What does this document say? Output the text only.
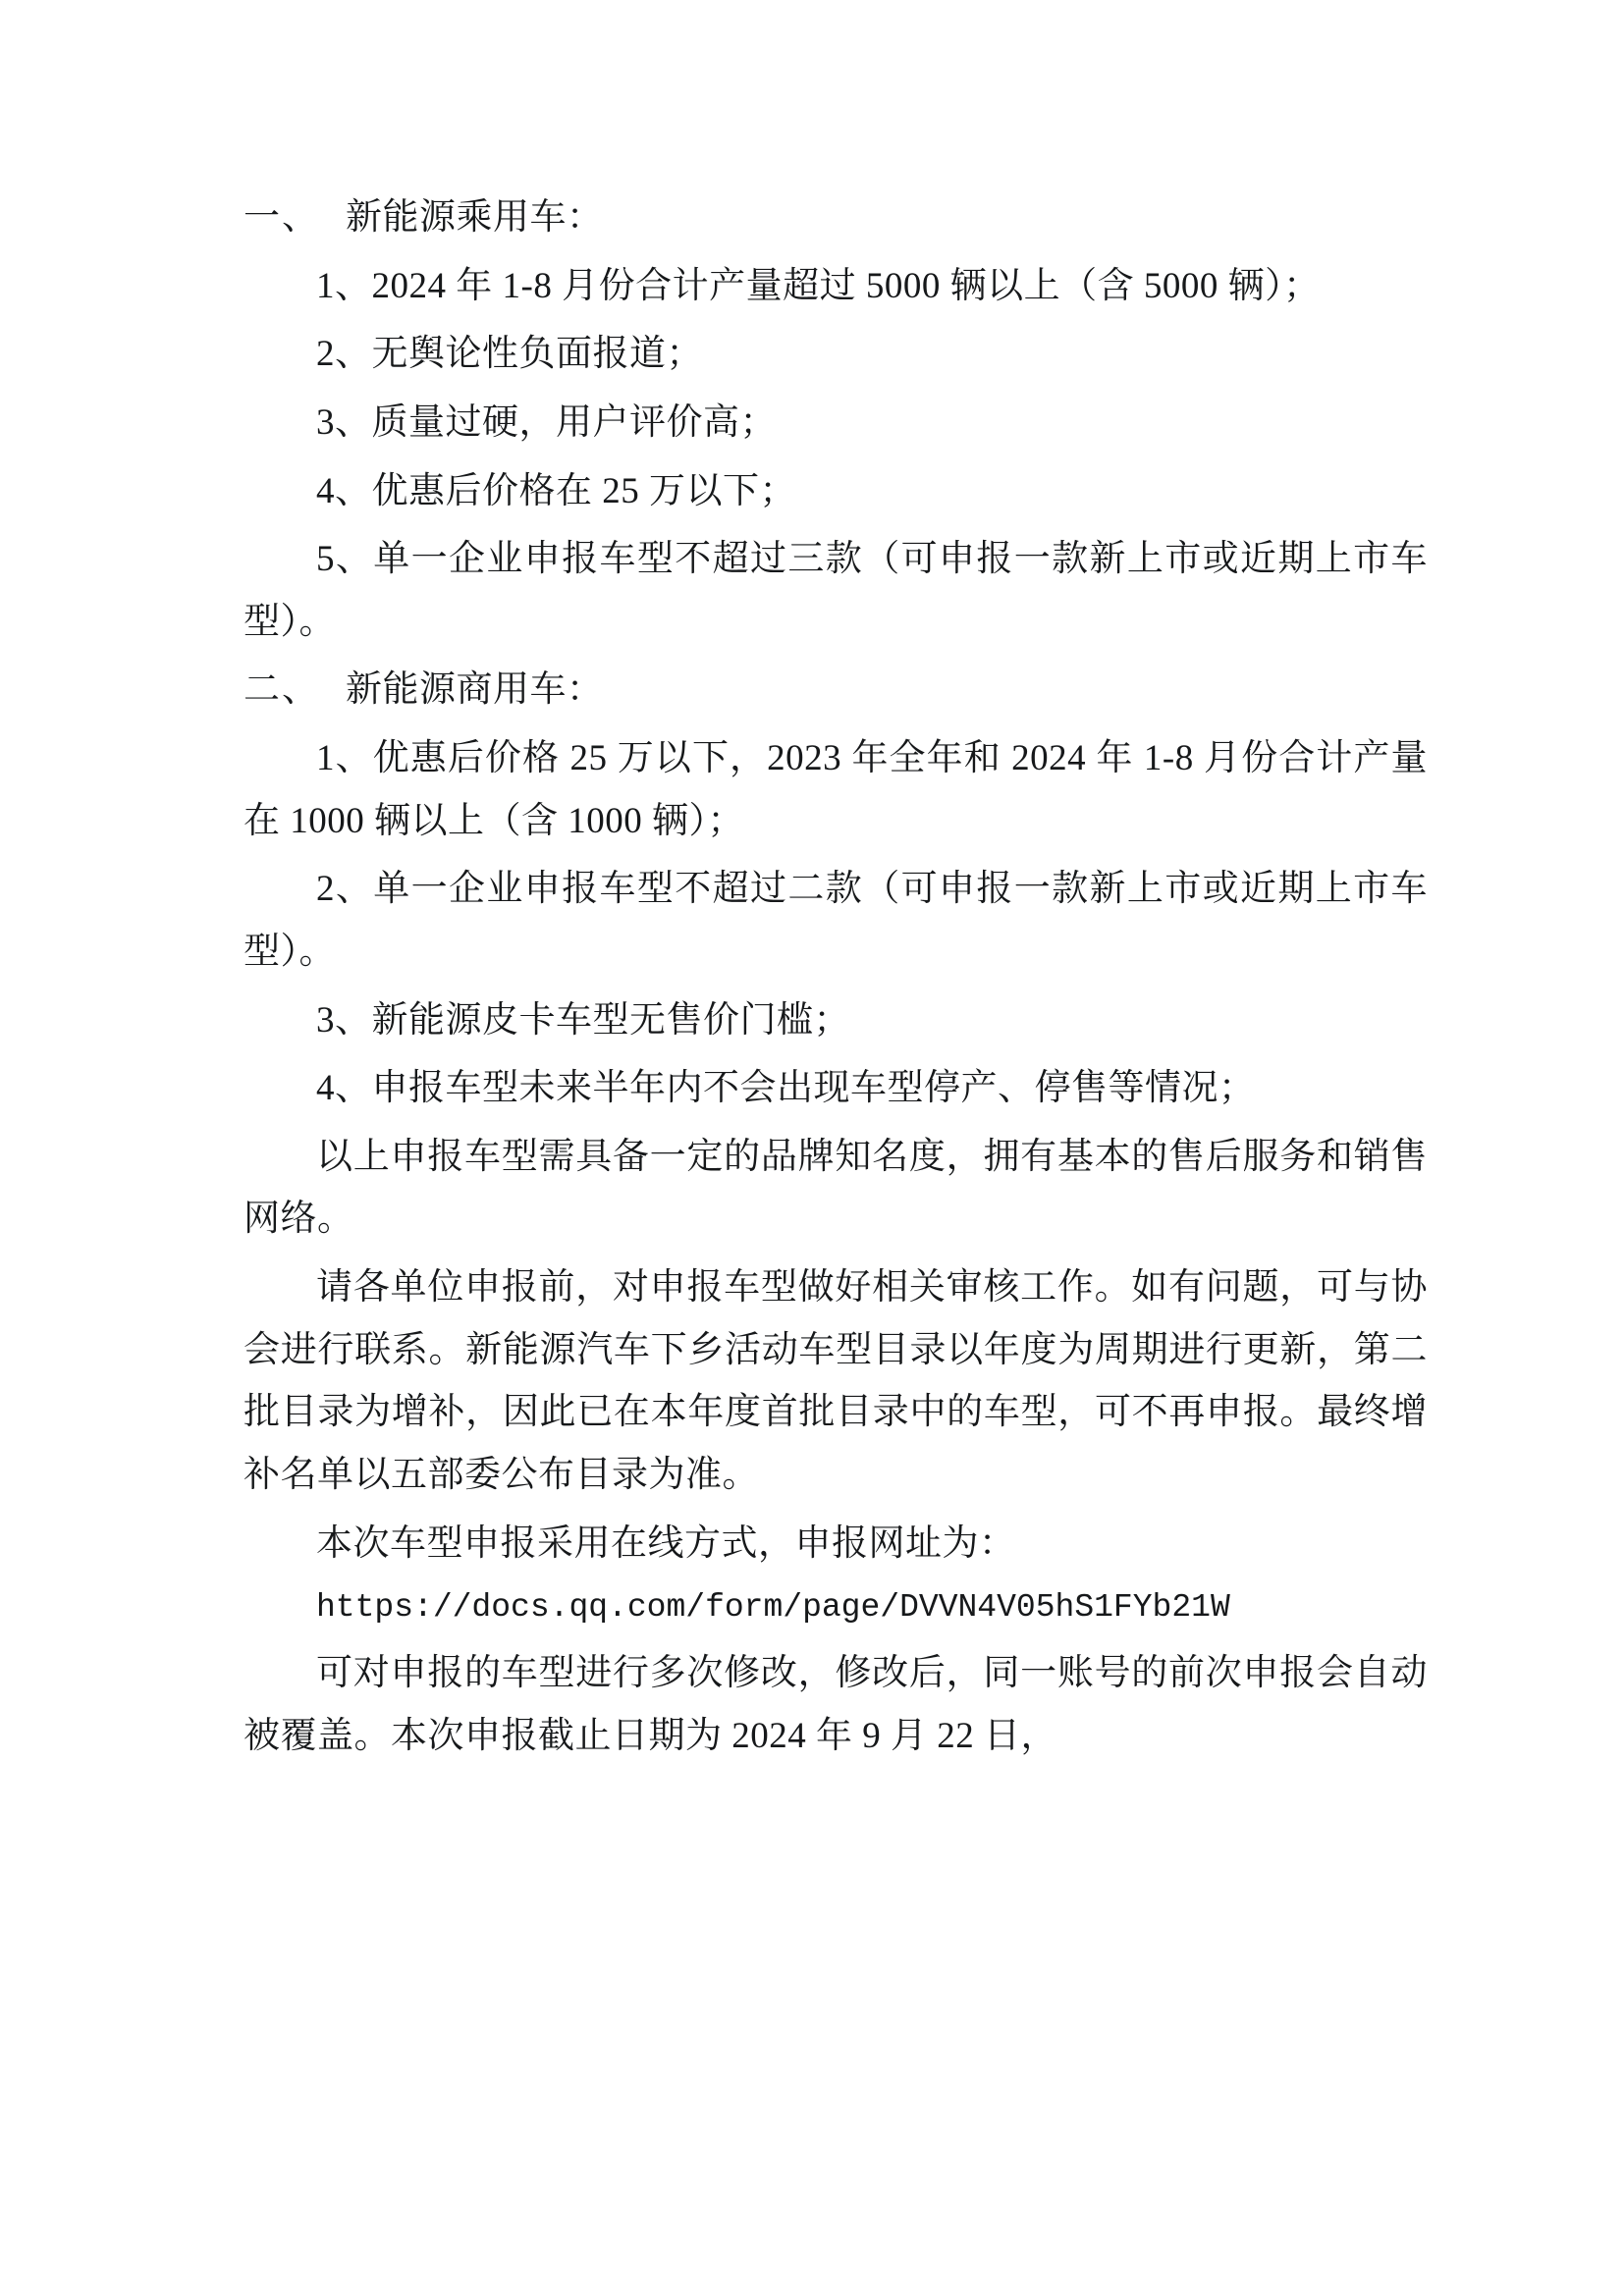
一、 新能源乘用车：

1、2024 年 1-8 月份合计产量超过 5000 辆以上（含 5000 辆）；

2、无舆论性负面报道；

3、质量过硬，用户评价高；

4、优惠后价格在 25 万以下；

5、单一企业申报车型不超过三款（可申报一款新上市或近期上市车型）。

二、 新能源商用车：

1、优惠后价格 25 万以下，2023 年全年和 2024 年 1-8 月份合计产量在 1000 辆以上（含 1000 辆）；

2、单一企业申报车型不超过二款（可申报一款新上市或近期上市车型）。

3、新能源皮卡车型无售价门槛；

4、申报车型未来半年内不会出现车型停产、停售等情况；

以上申报车型需具备一定的品牌知名度，拥有基本的售后服务和销售网络。

请各单位申报前，对申报车型做好相关审核工作。如有问题，可与协会进行联系。新能源汽车下乡活动车型目录以年度为周期进行更新，第二批目录为增补，因此已在本年度首批目录中的车型，可不再申报。最终增补名单以五部委公布目录为准。

本次车型申报采用在线方式，申报网址为：

https://docs.qq.com/form/page/DVVN4V05hS1FYb21W

可对申报的车型进行多次修改，修改后，同一账号的前次申报会自动被覆盖。本次申报截止日期为 2024 年 9 月 22 日，
